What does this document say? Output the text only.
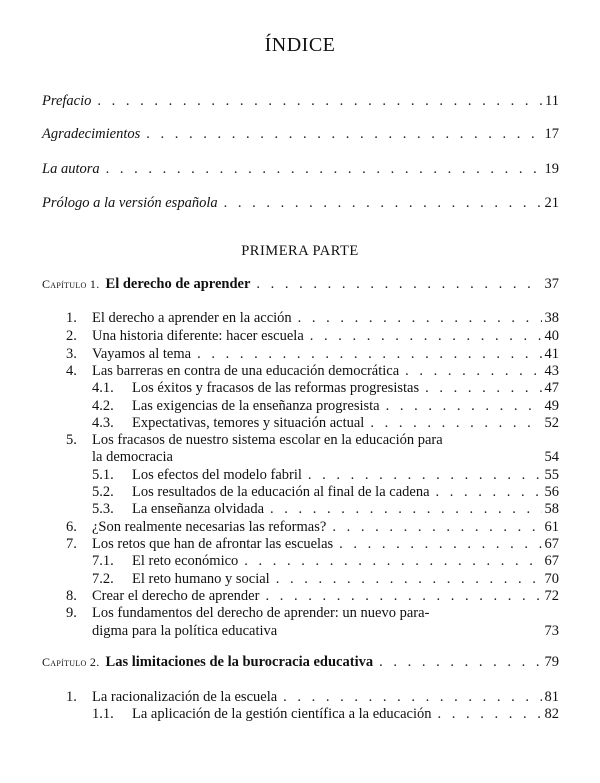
ÍNDICE
Prefacio . . .	11
Agradecimientos . . .	17
La autora . . .	19
Prólogo a la versión española . . .	21
PRIMERA PARTE
Capítulo 1. El derecho de aprender . . .	37
1.	El derecho a aprender en la acción . . .	38
2.	Una historia diferente: hacer escuela . . .	40
3.	Vayamos al tema . . .	41
4.	Las barreras en contra de una educación democrática . . .	43
4.1.	Los éxitos y fracasos de las reformas progresistas . . .	47
4.2.	Las exigencias de la enseñanza progresista . . .	49
4.3.	Expectativas, temores y situación actual . . .	52
5.	Los fracasos de nuestro sistema escolar en la educación para
la democracia	54
5.1.	Los efectos del modelo fabril . . .	55
5.2.	Los resultados de la educación al final de la cadena . . .	56
5.3.	La enseñanza olvidada . . .	58
6.	¿Son realmente necesarias las reformas? . . .	61
7.	Los retos que han de afrontar las escuelas . . .	67
7.1.	El reto económico . . .	67
7.2.	El reto humano y social . . .	70
8.	Crear el derecho de aprender . . .	72
9.	Los fundamentos del derecho de aprender: un nuevo para-
digma para la política educativa	73
Capítulo 2. Las limitaciones de la burocracia educativa . . .	79
1.	La racionalización de la escuela . . .	81
1.1.	La aplicación de la gestión científica a la educación . . .	82
